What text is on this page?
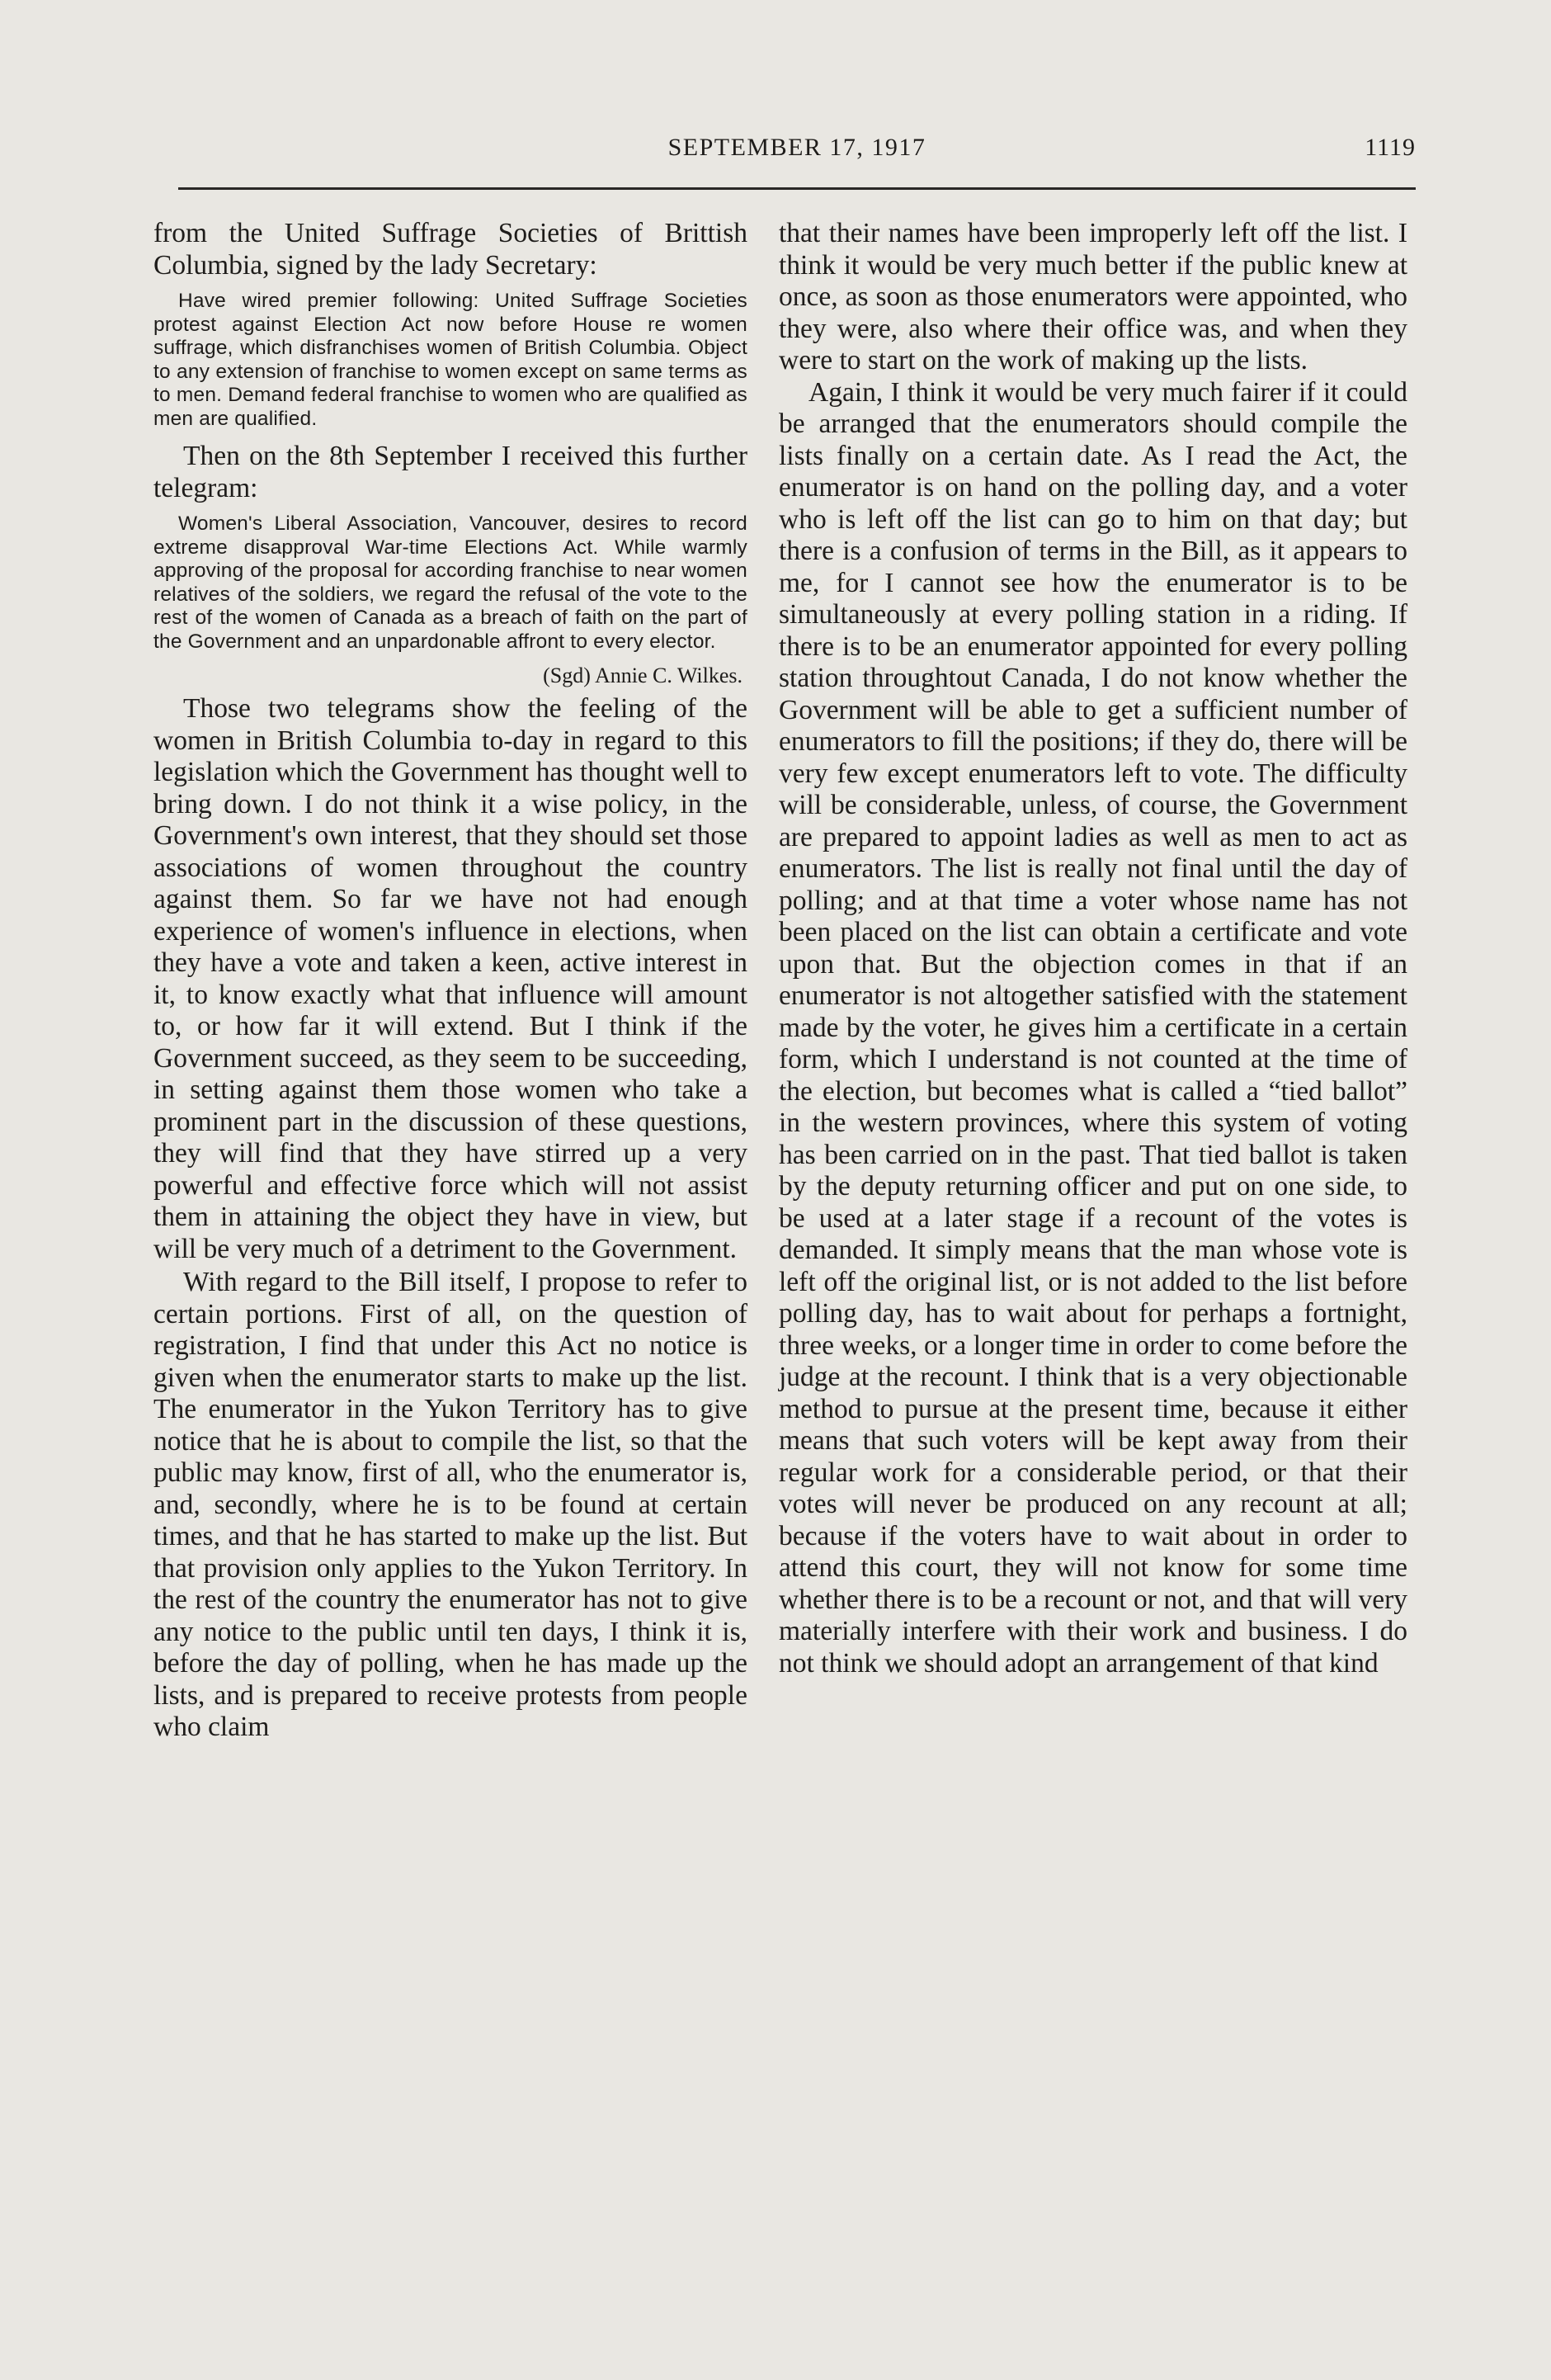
SEPTEMBER 17, 1917	1119

from the United Suffrage Societies of Brittish Columbia, signed by the lady Secretary:

Have wired premier following: United Suffrage Societies protest against Election Act now before House re women suffrage, which disfranchises women of British Columbia. Object to any extension of franchise to women except on same terms as to men. Demand federal franchise to women who are qualified as men are qualified.

Then on the 8th September I received this further telegram:

Women's Liberal Association, Vancouver, desires to record extreme disapproval War-time Elections Act. While warmly approving of the proposal for according franchise to near women relatives of the soldiers, we regard the refusal of the vote to the rest of the women of Canada as a breach of faith on the part of the Government and an unpardonable affront to every elector.

(Sgd) Annie C. Wilkes.

Those two telegrams show the feeling of the women in British Columbia to-day in regard to this legislation which the Government has thought well to bring down. I do not think it a wise policy, in the Government's own interest, that they should set those associations of women throughout the country against them. So far we have not had enough experience of women's influence in elections, when they have a vote and taken a keen, active interest in it, to know exactly what that influence will amount to, or how far it will extend. But I think if the Government succeed, as they seem to be succeeding, in setting against them those women who take a prominent part in the discussion of these questions, they will find that they have stirred up a very powerful and effective force which will not assist them in attaining the object they have in view, but will be very much of a detriment to the Government.

With regard to the Bill itself, I propose to refer to certain portions. First of all, on the question of registration, I find that under this Act no notice is given when the enumerator starts to make up the list. The enumerator in the Yukon Territory has to give notice that he is about to compile the list, so that the public may know, first of all, who the enumerator is, and, secondly, where he is to be found at certain times, and that he has started to make up the list. But that provision only applies to the Yukon Territory. In the rest of the country the enumerator has not to give any notice to the public until ten days, I think it is, before the day of polling, when he has made up the lists, and is prepared to receive protests from people who claim

that their names have been improperly left off the list. I think it would be very much better if the public knew at once, as soon as those enumerators were appointed, who they were, also where their office was, and when they were to start on the work of making up the lists.

Again, I think it would be very much fairer if it could be arranged that the enumerators should compile the lists finally on a certain date. As I read the Act, the enumerator is on hand on the polling day, and a voter who is left off the list can go to him on that day; but there is a confusion of terms in the Bill, as it appears to me, for I cannot see how the enumerator is to be simultaneously at every polling station in a riding. If there is to be an enumerator appointed for every polling station throughtout Canada, I do not know whether the Government will be able to get a sufficient number of enumerators to fill the positions; if they do, there will be very few except enumerators left to vote. The difficulty will be considerable, unless, of course, the Government are prepared to appoint ladies as well as men to act as enumerators. The list is really not final until the day of polling; and at that time a voter whose name has not been placed on the list can obtain a certificate and vote upon that. But the objection comes in that if an enumerator is not altogether satisfied with the statement made by the voter, he gives him a certificate in a certain form, which I understand is not counted at the time of the election, but becomes what is called a “tied ballot” in the western provinces, where this system of voting has been carried on in the past. That tied ballot is taken by the deputy returning officer and put on one side, to be used at a later stage if a recount of the votes is demanded. It simply means that the man whose vote is left off the original list, or is not added to the list before polling day, has to wait about for perhaps a fortnight, three weeks, or a longer time in order to come before the judge at the recount. I think that is a very objectionable method to pursue at the present time, because it either means that such voters will be kept away from their regular work for a considerable period, or that their votes will never be produced on any recount at all; because if the voters have to wait about in order to attend this court, they will not know for some time whether there is to be a recount or not, and that will very materially interfere with their work and business. I do not think we should adopt an arrangement of that kind
